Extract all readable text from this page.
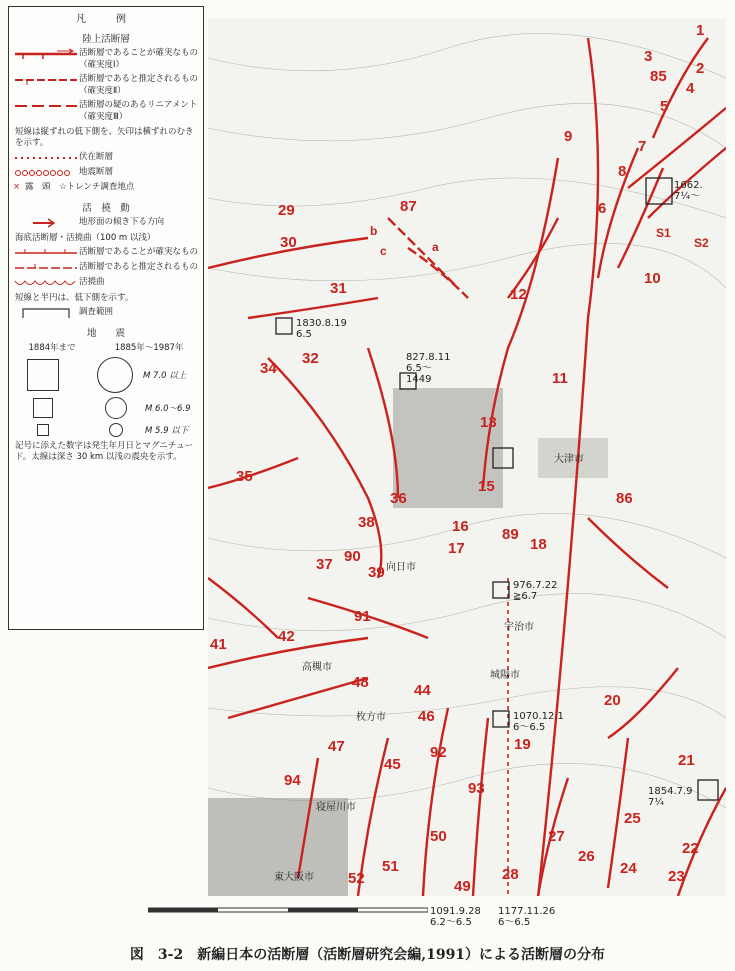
凡　例
陸上活断層
活断層であることが確実なもの（確実度Ⅰ）
活断層であると推定されるもの（確実度Ⅱ）
活断層の疑のあるリニアメント（確実度Ⅲ）
短線は縦ずれの低下側を、矢印は横ずれのむきを示す。
伏在断層
地震断層
× 露　頭　☆トレンチ調査地点
活　撓　動
地形面の傾き下る方向
海底活断層・活撓曲（100 m 以浅）
活断層であることが確実なもの
活断層であると推定されるもの
活撓曲
短線と半円は、低下側を示す。
調査範囲
地　　震
1884年まで	1885年～1987年
M 7.0 以上
M 6.0～6.9
M 5.9 以下
記号に添えた数字は発生年月日とマグニチュード。太線は深さ 30 km 以浅の震央を示す。
1830.8.19
6.5
827.8.11
6.5～
1449
976.7.22
≧6.7
1070.12.1
6～6.5
1662.
7¼～
1854.7.9
7¼
1
2
3
4
5
6
7
8
9
10
11
12
13
15
16
17	18
19
20
21
22
23
24
25
26
27
28
29
30
31
32
34
35
36
37
38
39
41	42
44
45
46
47
48
49
50
51
52
85
86
87
89
90
91
92
93
94
a
b
c
S1
S2
大津市
宇治市
枚方市
寝屋川市
東大阪市
高槻市
城陽市
向日市
1091.9.28
6.2～6.5
1177.11.26
6～6.5
図　3-2　新編日本の活断層（活断層研究会編,1991）による活断層の分布
